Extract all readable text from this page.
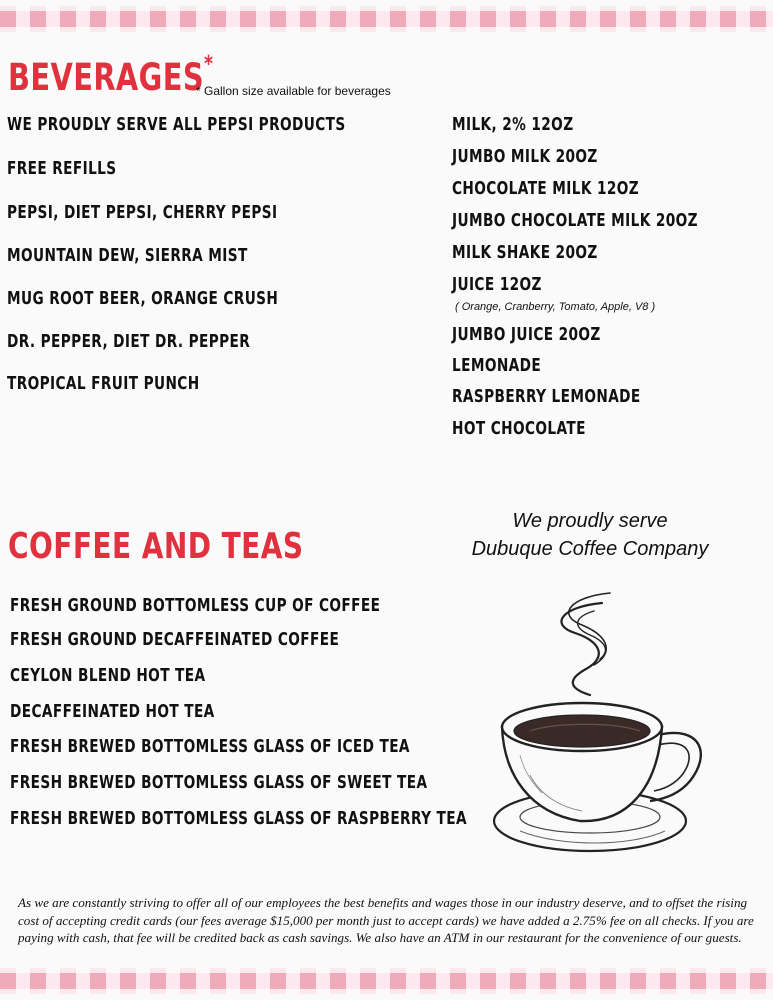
BEVERAGES*
* Gallon size available for beverages
WE PROUDLY SERVE ALL PEPSI PRODUCTS
FREE REFILLS
PEPSI, DIET PEPSI, CHERRY PEPSI
MOUNTAIN DEW, SIERRA MIST
MUG ROOT BEER, ORANGE CRUSH
DR. PEPPER, DIET DR. PEPPER
TROPICAL FRUIT PUNCH
MILK, 2% 12OZ
JUMBO MILK 20OZ
CHOCOLATE MILK 12OZ
JUMBO CHOCOLATE MILK 20OZ
MILK SHAKE 20OZ
JUICE 12OZ
( Orange, Cranberry, Tomato, Apple, V8 )
JUMBO JUICE 20OZ
LEMONADE
RASPBERRY LEMONADE
HOT CHOCOLATE
COFFEE AND TEAS
We proudly serve
Dubuque Coffee Company
FRESH GROUND BOTTOMLESS CUP OF COFFEE
FRESH GROUND DECAFFEINATED COFFEE
CEYLON BLEND HOT TEA
DECAFFEINATED HOT TEA
FRESH BREWED BOTTOMLESS GLASS OF ICED TEA
FRESH BREWED BOTTOMLESS GLASS OF SWEET TEA
FRESH BREWED BOTTOMLESS GLASS OF RASPBERRY TEA

As we are constantly striving to offer all of our employees the best benefits and wages those in our industry deserve, and to offset the rising cost of accepting credit cards (our fees average $15,000 per month just to accept cards) we have added a 2.75% fee on all checks. If you are paying with cash, that fee will be credited back as cash savings. We also have an ATM in our restaurant for the convenience of our guests.
